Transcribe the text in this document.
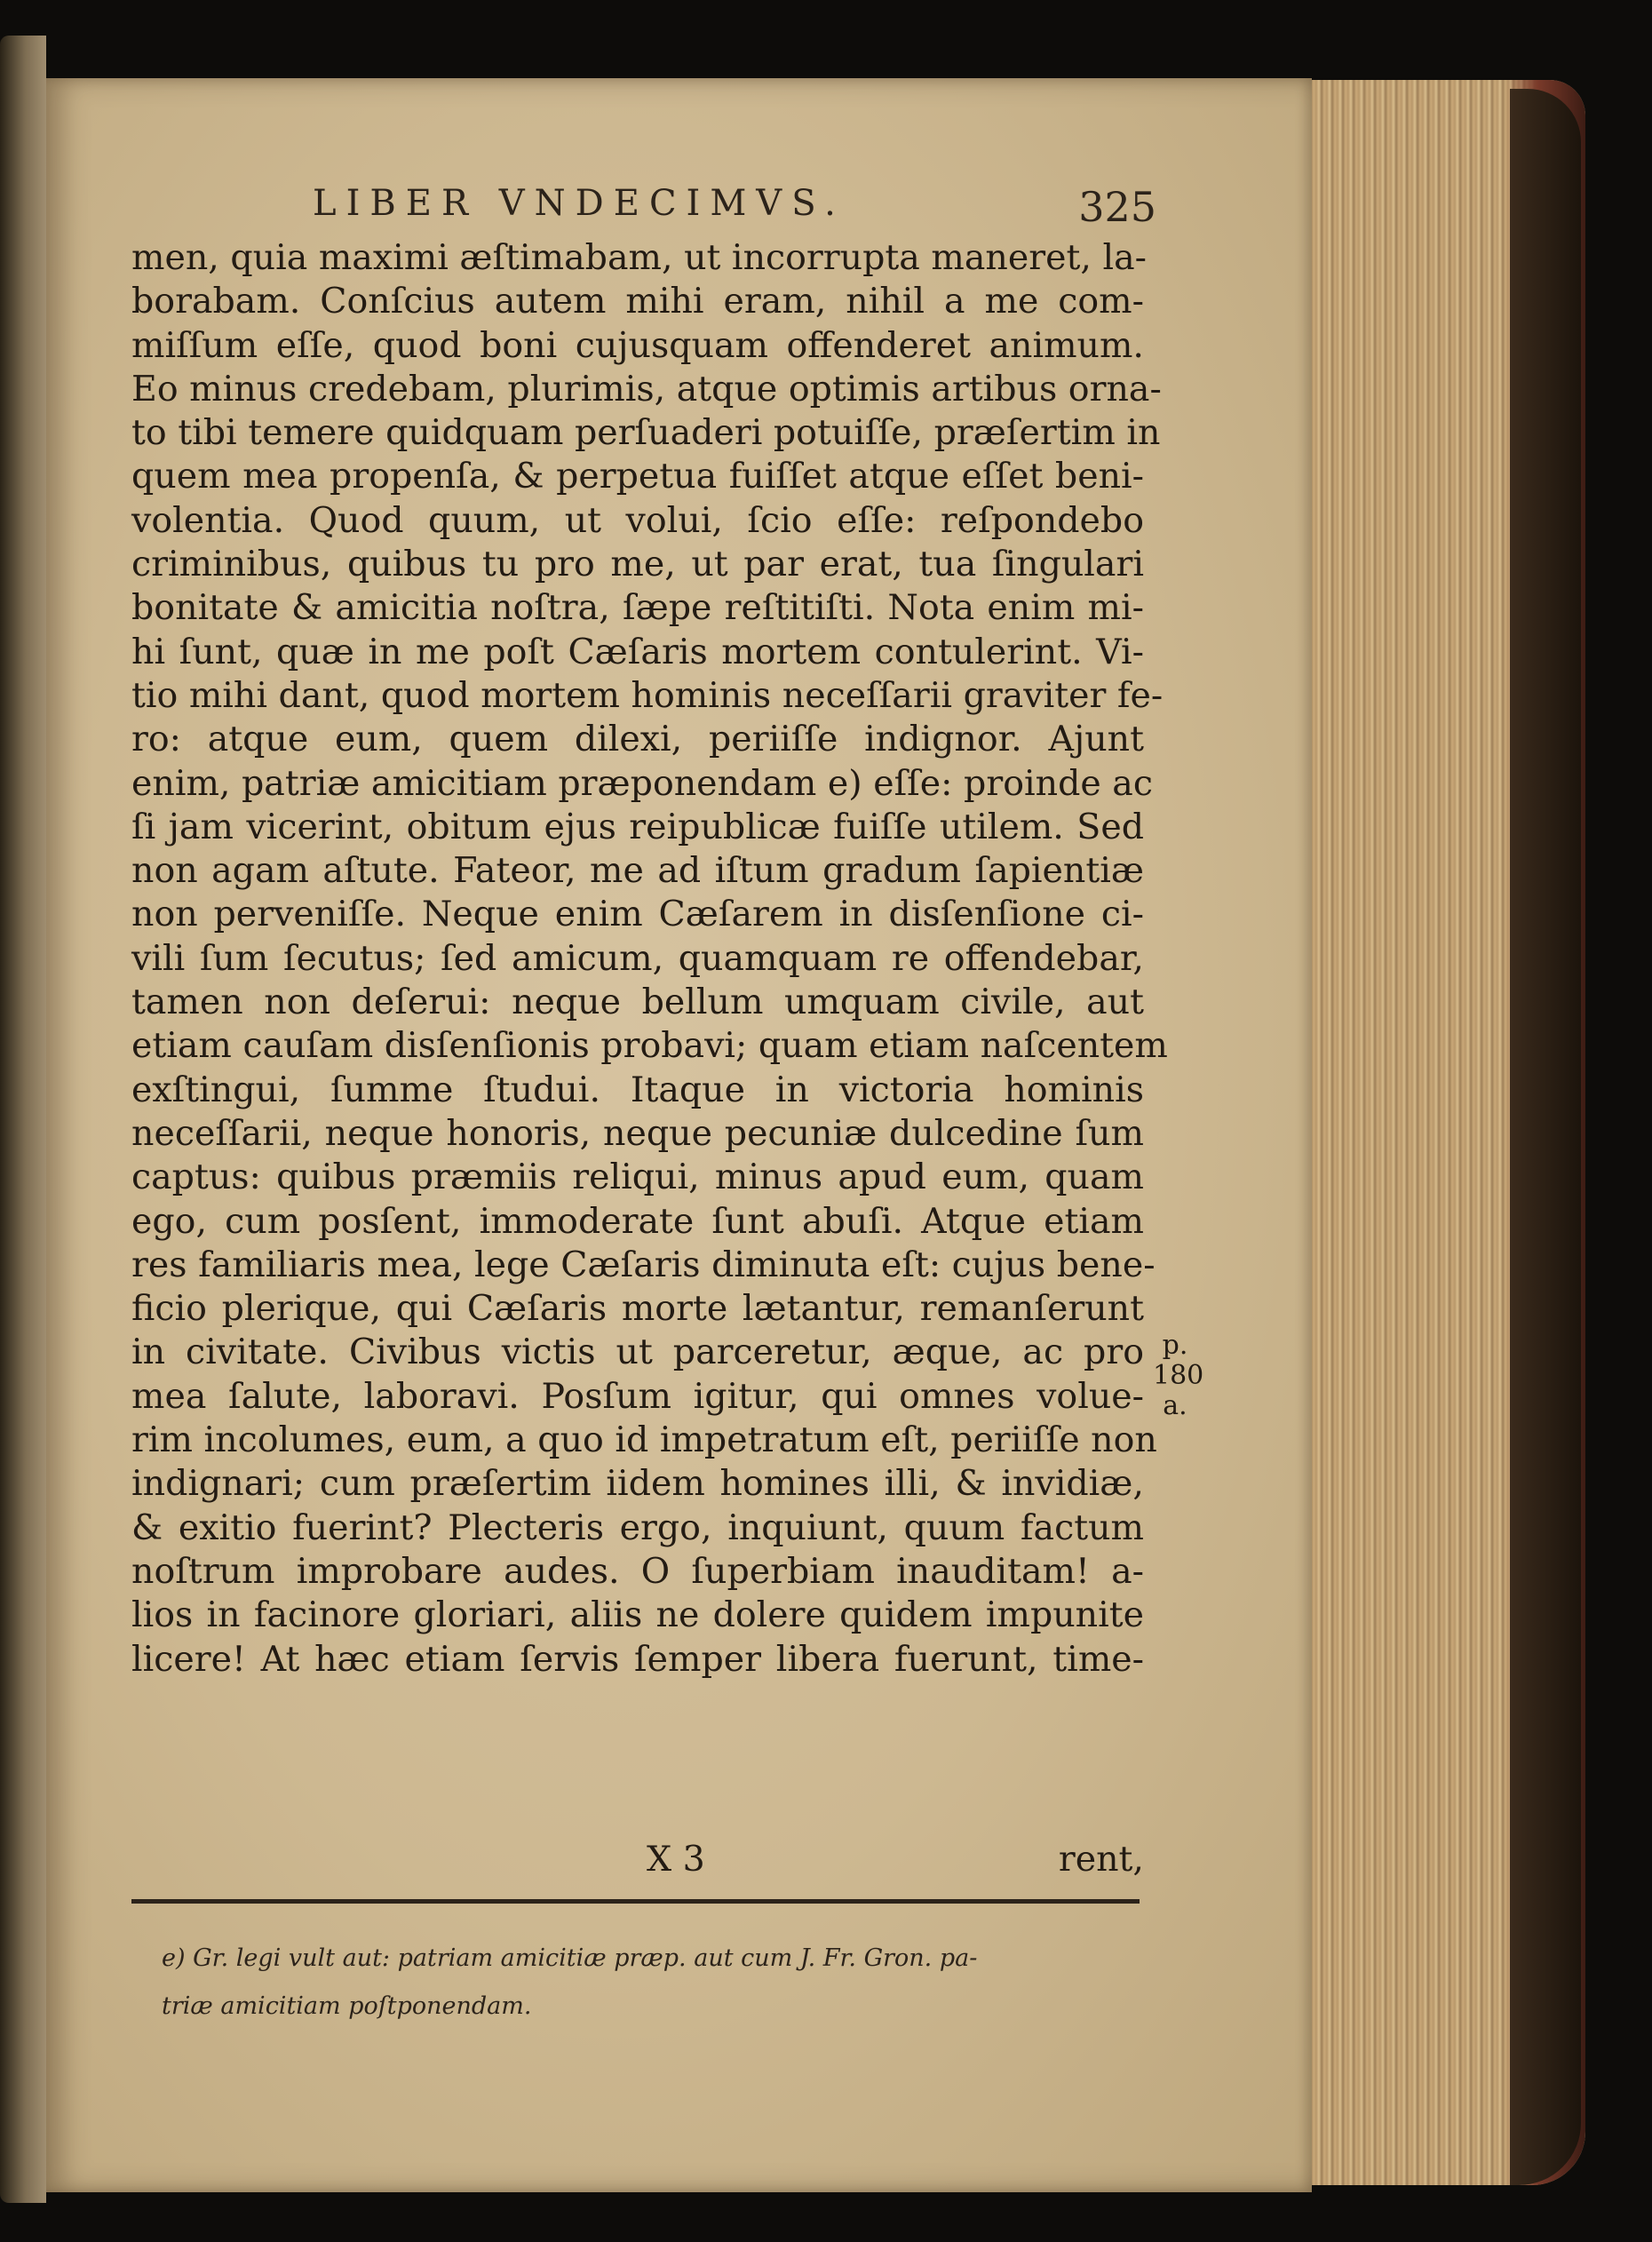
LIBER VNDECIMVS.	325
men, quia maximi æſtimabam, ut incorrupta maneret, la-
borabam. Conſcius autem mihi eram, nihil a me com-
miſſum eſſe, quod boni cujusquam offenderet animum.
Eo minus credebam, plurimis, atque optimis artibus orna-
to tibi temere quidquam perſuaderi potuiſſe, præſertim in
quem mea propenſa, & perpetua fuiſſet atque eſſet beni-
volentia. Quod quum, ut volui, ſcio eſſe: reſpondebo
criminibus, quibus tu pro me, ut par erat, tua ſingulari
bonitate & amicitia noſtra, ſæpe reſtitiſti. Nota enim mi-
hi ſunt, quæ in me poſt Cæſaris mortem contulerint. Vi-
tio mihi dant, quod mortem hominis neceſſarii graviter fe-
ro: atque eum, quem dilexi, periiſſe indignor. Ajunt
enim, patriæ amicitiam præponendam e) eſſe: proinde ac
ſi jam vicerint, obitum ejus reipublicæ fuiſſe utilem. Sed
non agam aſtute. Fateor, me ad iſtum gradum ſapientiæ
non perveniſſe. Neque enim Cæſarem in disſenſione ci-
vili ſum ſecutus; ſed amicum, quamquam re offendebar,
tamen non deſerui: neque bellum umquam civile, aut
etiam cauſam disſenſionis probavi; quam etiam naſcentem
exſtingui, ſumme ſtudui. Itaque in victoria hominis
neceſſarii, neque honoris, neque pecuniæ dulcedine ſum
captus: quibus præmiis reliqui, minus apud eum, quam
ego, cum posſent, immoderate ſunt abuſi. Atque etiam
res familiaris mea, lege Cæſaris diminuta eſt: cujus bene-
ficio plerique, qui Cæſaris morte lætantur, remanſerunt
in civitate. Civibus victis ut parceretur, æque, ac pro
mea ſalute, laboravi. Posſum igitur, qui omnes volue-
rim incolumes, eum, a quo id impetratum eſt, periiſſe non
indignari; cum præſertim iidem homines illi, & invidiæ,
& exitio fuerint? Plecteris ergo, inquiunt, quum factum
noſtrum improbare audes. O ſuperbiam inauditam! a-
lios in facinore gloriari, aliis ne dolere quidem impunite
licere! At hæc etiam ſervis ſemper libera fuerunt, time-
p.
180
a.
X 3	rent,
e) Gr. legi vult aut: patriam amicitiæ præp. aut cum J. Fr. Gron. pa-
triæ amicitiam poſtponendam.
